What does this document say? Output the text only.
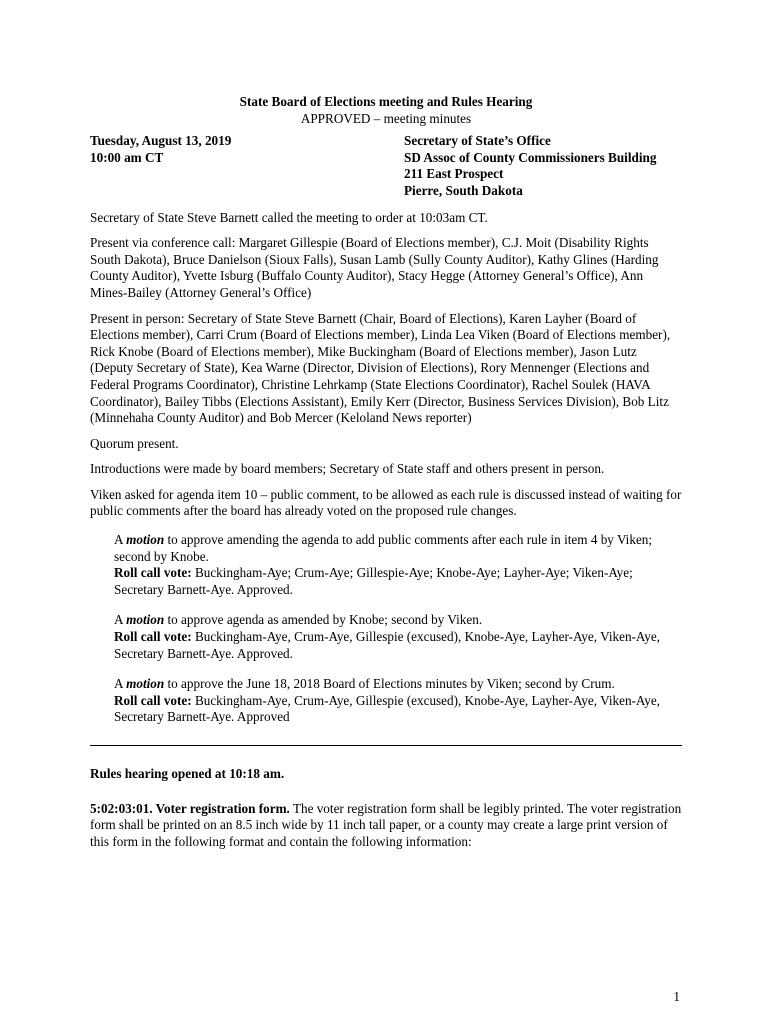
State Board of Elections meeting and Rules Hearing
APPROVED – meeting minutes
Tuesday, August 13, 2019
10:00 am CT
Secretary of State’s Office
SD Assoc of County Commissioners Building
211 East Prospect
Pierre, South Dakota

Secretary of State Steve Barnett called the meeting to order at 10:03am CT.

Present via conference call: Margaret Gillespie (Board of Elections member), C.J. Moit (Disability Rights South Dakota), Bruce Danielson (Sioux Falls), Susan Lamb (Sully County Auditor), Kathy Glines (Harding County Auditor), Yvette Isburg (Buffalo County Auditor), Stacy Hegge (Attorney General’s Office), Ann Mines-Bailey (Attorney General’s Office)

Present in person: Secretary of State Steve Barnett (Chair, Board of Elections), Karen Layher (Board of Elections member), Carri Crum (Board of Elections member), Linda Lea Viken (Board of Elections member), Rick Knobe (Board of Elections member), Mike Buckingham (Board of Elections member), Jason Lutz (Deputy Secretary of State), Kea Warne (Director, Division of Elections), Rory Mennenger (Elections and Federal Programs Coordinator), Christine Lehrkamp (State Elections Coordinator), Rachel Soulek (HAVA Coordinator), Bailey Tibbs (Elections Assistant), Emily Kerr (Director, Business Services Division), Bob Litz (Minnehaha County Auditor) and Bob Mercer (Keloland News reporter)

Quorum present.

Introductions were made by board members; Secretary of State staff and others present in person.

Viken asked for agenda item 10 – public comment, to be allowed as each rule is discussed instead of waiting for public comments after the board has already voted on the proposed rule changes.

A motion to approve amending the agenda to add public comments after each rule in item 4 by Viken; second by Knobe.
Roll call vote: Buckingham-Aye; Crum-Aye; Gillespie-Aye; Knobe-Aye; Layher-Aye; Viken-Aye; Secretary Barnett-Aye. Approved.
A motion to approve agenda as amended by Knobe; second by Viken.
Roll call vote: Buckingham-Aye, Crum-Aye, Gillespie (excused), Knobe-Aye, Layher-Aye, Viken-Aye, Secretary Barnett-Aye. Approved.
A motion to approve the June 18, 2018 Board of Elections minutes by Viken; second by Crum.
Roll call vote: Buckingham-Aye, Crum-Aye, Gillespie (excused), Knobe-Aye, Layher-Aye, Viken-Aye, Secretary Barnett-Aye. Approved
Rules hearing opened at 10:18 am.

5:02:03:01. Voter registration form. The voter registration form shall be legibly printed. The voter registration form shall be printed on an 8.5 inch wide by 11 inch tall paper, or a county may create a large print version of this form in the following format and contain the following information:

1
